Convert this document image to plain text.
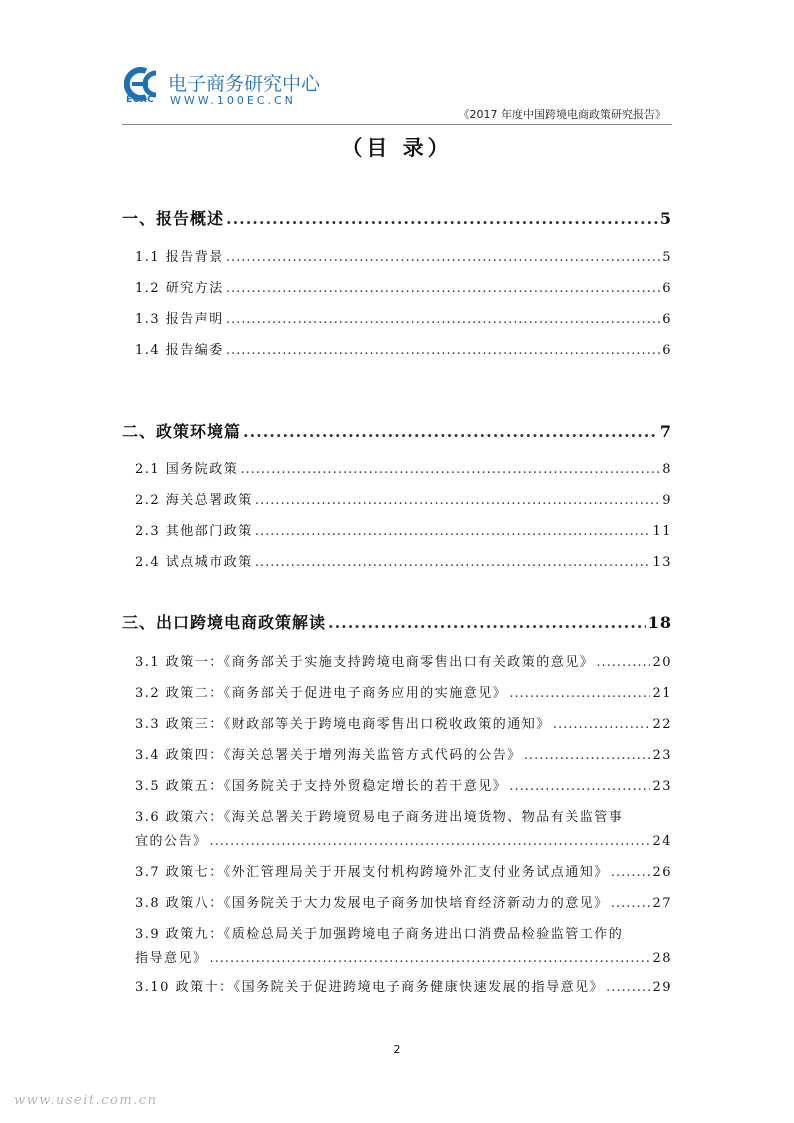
ECRC
电子商务研究中心
WWW.100EC.CN
《2017 年度中国跨境电商政策研究报告》
（目 录）
一、报告概述 .....	5
1.1 报告背景 .....	5
1.2 研究方法 .....	6
1.3 报告声明 .....	6
1.4 报告编委 .....	6
二、政策环境篇 .....	7
2.1 国务院政策 .....	8
2.2 海关总署政策 .....	9
2.3 其他部门政策 .....	11
2.4 试点城市政策 .....	13
三、出口跨境电商政策解读 .....	18
3.1 政策一：《商务部关于实施支持跨境电商零售出口有关政策的意见》 .....	20
3.2 政策二：《商务部关于促进电子商务应用的实施意见》 .....	21
3.3 政策三：《财政部等关于跨境电商零售出口税收政策的通知》 .....	22
3.4 政策四：《海关总署关于增列海关监管方式代码的公告》 .....	23
3.5 政策五：《国务院关于支持外贸稳定增长的若干意见》 .....	23
3.6 政策六：《海关总署关于跨境贸易电子商务进出境货物、物品有关监管事
宜的公告》 .....	24
3.7 政策七：《外汇管理局关于开展支付机构跨境外汇支付业务试点通知》 .....	26
3.8 政策八：《国务院关于大力发展电子商务加快培育经济新动力的意见》 .....	27
3.9 政策九：《质检总局关于加强跨境电子商务进出口消费品检验监管工作的
指导意见》 .....	28
3.10 政策十：《国务院关于促进跨境电子商务健康快速发展的指导意见》 .....	29
2
www.useit.com.cn
